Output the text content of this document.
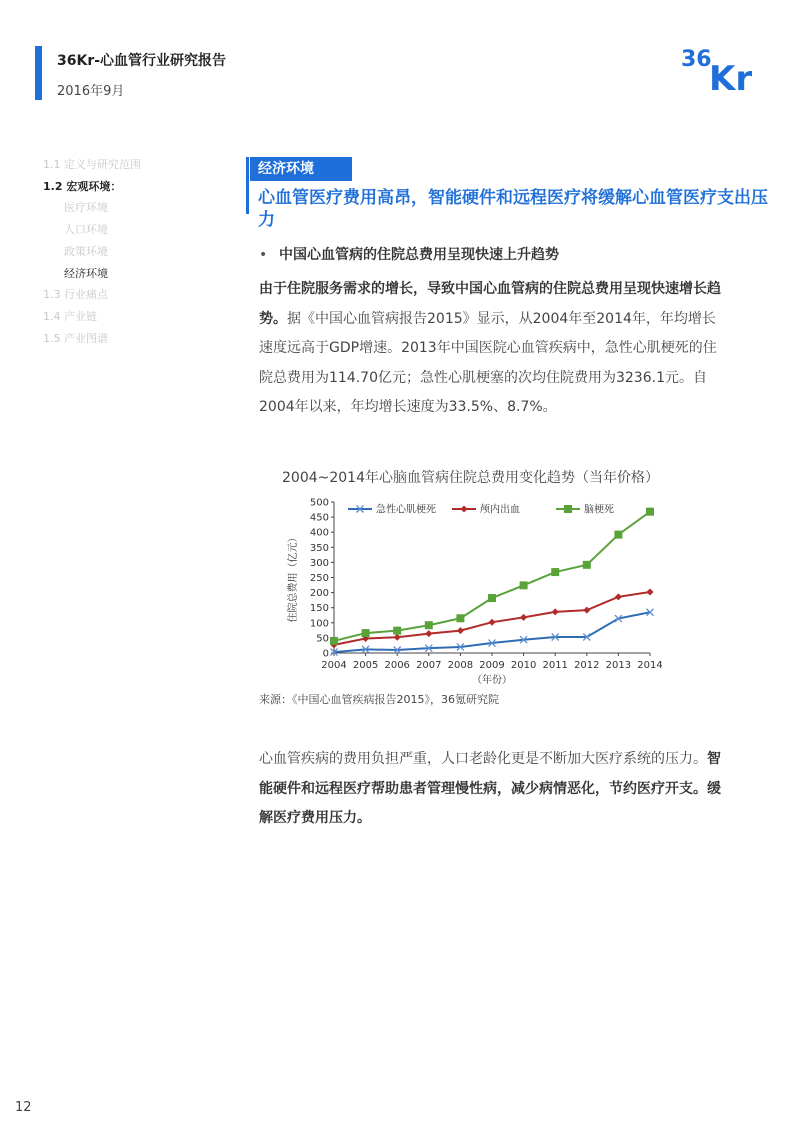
36Kr-心血管行业研究报告
2016年9月
36
Kr
1.1 定义与研究范围
1.2 宏观环境：
医疗环境
人口环境
政策环境
经济环境
1.3 行业痛点
1.4 产业链
1.5 产业图谱
经济环境
心血管医疗费用高昂，智能硬件和远程医疗将缓解心血管医疗支出压力
• 中国心血管病的住院总费用呈现快速上升趋势
由于住院服务需求的增长，导致中国心血管病的住院总费用呈现快速增长趋势。据《中国心血管病报告2015》显示，从2004年至2014年，年均增长速度远高于GDP增速。2013年中国医院心血管疾病中，急性心肌梗死的住院总费用为114.70亿元；急性心肌梗塞的次均住院费用为3236.1元。自2004年以来，年均增长速度为33.5%、8.7%。
2004~2014年心脑血管病住院总费用变化趋势（当年价格）
0
50
100
150
200
250
300
350
400
450
500
2004 2005 2006 2007 2008 2009 2010 2011 2012 2013 2014
（年份）
住院总费用（亿元）
急性心肌梗死	颅内出血	脑梗死
来源：《中国心血管疾病报告2015》，36氪研究院
心血管疾病的费用负担严重，人口老龄化更是不断加大医疗系统的压力。智能硬件和远程医疗帮助患者管理慢性病，减少病情恶化，节约医疗开支。缓解医疗费用压力。
12
